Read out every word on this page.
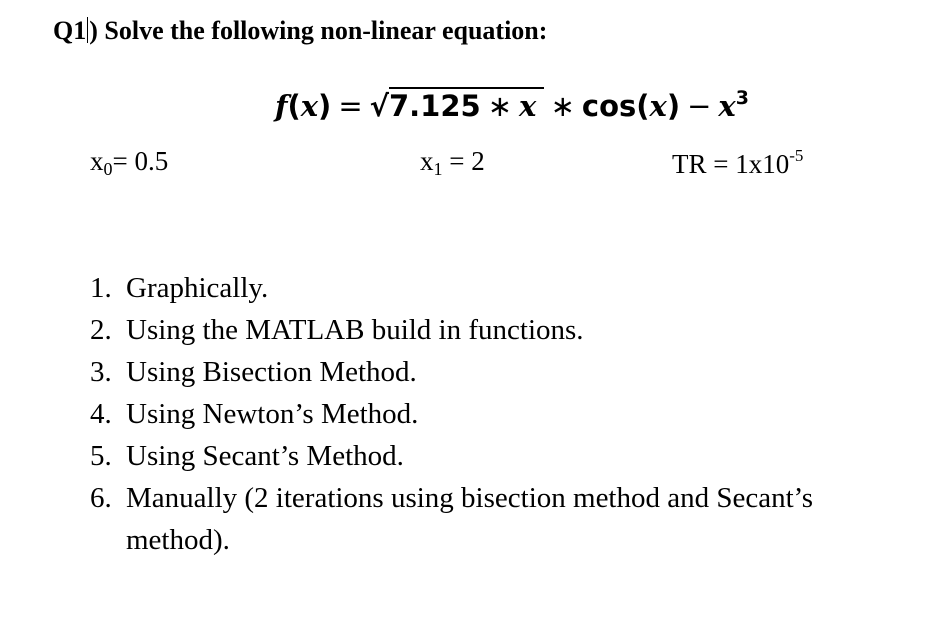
Q1 ) Solve the following non-linear equation:
f(x) = √7.125 ∗ x ∗ $\cos(x) - x^3$
$x_0= 0.5$	$x_1 = 2$	TR = $1x10^{-5}$
1. Graphically.
2. Using the MATLAB build in functions.
3. Using Bisection Method.
4. Using Newton’s Method.
5. Using Secant’s Method.
6. Manually (2 iterations using bisection method and Secant’s method).
